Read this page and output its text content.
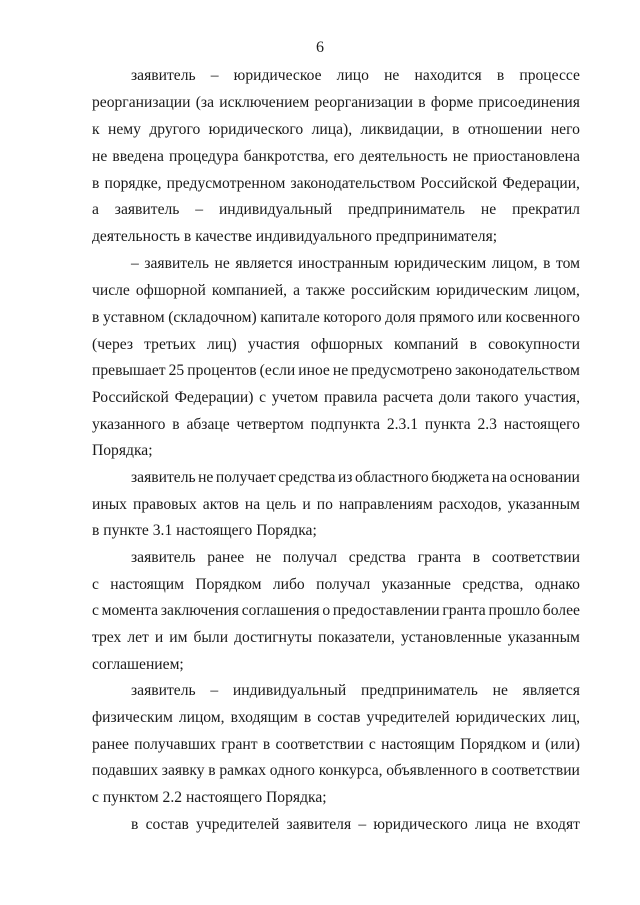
6
заявитель – юридическое лицо не находится в процессе
реорганизации (за исключением реорганизации в форме присоединения
к нему другого юридического лица), ликвидации, в отношении него
не введена процедура банкротства, его деятельность не приостановлена
в порядке, предусмотренном законодательством Российской Федерации,
а заявитель – индивидуальный предприниматель не прекратил
деятельность в качестве индивидуального предпринимателя;
– заявитель не является иностранным юридическим лицом, в том
числе офшорной компанией, а также российским юридическим лицом,
в уставном (складочном) капитале которого доля прямого или косвенного
(через третьих лиц) участия офшорных компаний в совокупности
превышает 25 процентов (если иное не предусмотрено законодательством
Российской Федерации) с учетом правила расчета доли такого участия,
указанного в абзаце четвертом подпункта 2.3.1 пункта 2.3 настоящего
Порядка;
заявитель не получает средства из областного бюджета на основании
иных правовых актов на цель и по направлениям расходов, указанным
в пункте 3.1 настоящего Порядка;
заявитель ранее не получал средства гранта в соответствии
с настоящим Порядком либо получал указанные средства, однако
с момента заключения соглашения о предоставлении гранта прошло более
трех лет и им были достигнуты показатели, установленные указанным
соглашением;
заявитель – индивидуальный предприниматель не является
физическим лицом, входящим в состав учредителей юридических лиц,
ранее получавших грант в соответствии с настоящим Порядком и (или)
подавших заявку в рамках одного конкурса, объявленного в соответствии
с пунктом 2.2 настоящего Порядка;
в состав учредителей заявителя – юридического лица не входят
